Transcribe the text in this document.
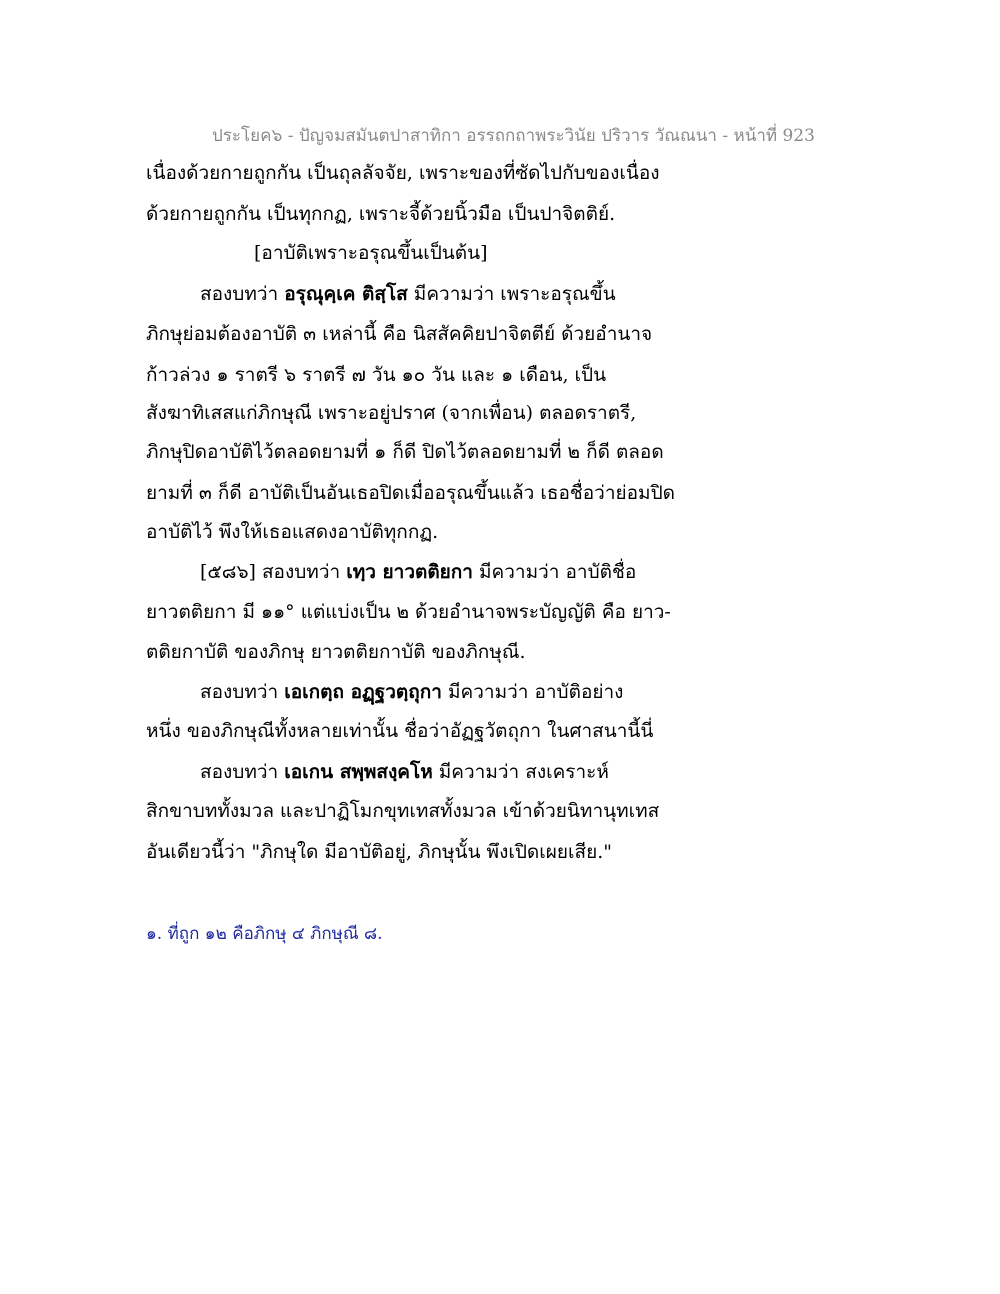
ประโยค๖ - ปัญจมสมันตปาสาทิกา อรรถกถาพระวินัย ปริวาร วัณณนา - หน้าที่ 923
เนื่องด้วยกายถูกกัน เป็นถุลลัจจัย, เพราะของที่ซัดไปกับของเนื่อง
ด้วยกายถูกกัน เป็นทุกกฏ, เพราะจี้ด้วยนิ้วมือ เป็นปาจิตติย์.
[อาบัติเพราะอรุณขึ้นเป็นต้น]
สองบทว่า อรุณุคฺเค ติสฺโส มีความว่า เพราะอรุณขึ้น
ภิกษุย่อมต้องอาบัติ ๓ เหล่านี้ คือ นิสสัคคิยปาจิตตีย์ ด้วยอำนาจ
ก้าวล่วง ๑ ราตรี ๖ ราตรี ๗ วัน ๑๐ วัน และ ๑ เดือน, เป็น
สังฆาทิเสสแก่ภิกษุณี เพราะอยู่ปราศ (จากเพื่อน) ตลอดราตรี,
ภิกษุปิดอาบัติไว้ตลอดยามที่ ๑ ก็ดี ปิดไว้ตลอดยามที่ ๒ ก็ดี ตลอด
ยามที่ ๓ ก็ดี อาบัติเป็นอันเธอปิดเมื่ออรุณขึ้นแล้ว เธอชื่อว่าย่อมปิด
อาบัติไว้ พึงให้เธอแสดงอาบัติทุกกฏ.
[๕๘๖] สองบทว่า เทฺว ยาวตติยกา มีความว่า อาบัติชื่อ
ยาวตติยกา มี ๑๑° แต่แบ่งเป็น ๒ ด้วยอำนาจพระบัญญัติ คือ ยาว-
ตติยกาบัติ ของภิกษุ ยาวตติยกาบัติ ของภิกษุณี.
สองบทว่า เอเกตฺถ อฏฺฐวตฺถุกา มีความว่า อาบัติอย่าง
หนึ่ง ของภิกษุณีทั้งหลายเท่านั้น ชื่อว่าอัฏฐวัตถุกา ในศาสนานี้นี่
สองบทว่า เอเกน สพฺพสงฺคโห มีความว่า สงเคราะห์
สิกขาบททั้งมวล และปาฏิโมกขุทเทสทั้งมวล เข้าด้วยนิทานุทเทส
อันเดียวนี้ว่า "ภิกษุใด มีอาบัติอยู่, ภิกษุนั้น พึงเปิดเผยเสีย."
๑. ที่ถูก ๑๒ คือภิกษุ ๔ ภิกษุณี ๘.
